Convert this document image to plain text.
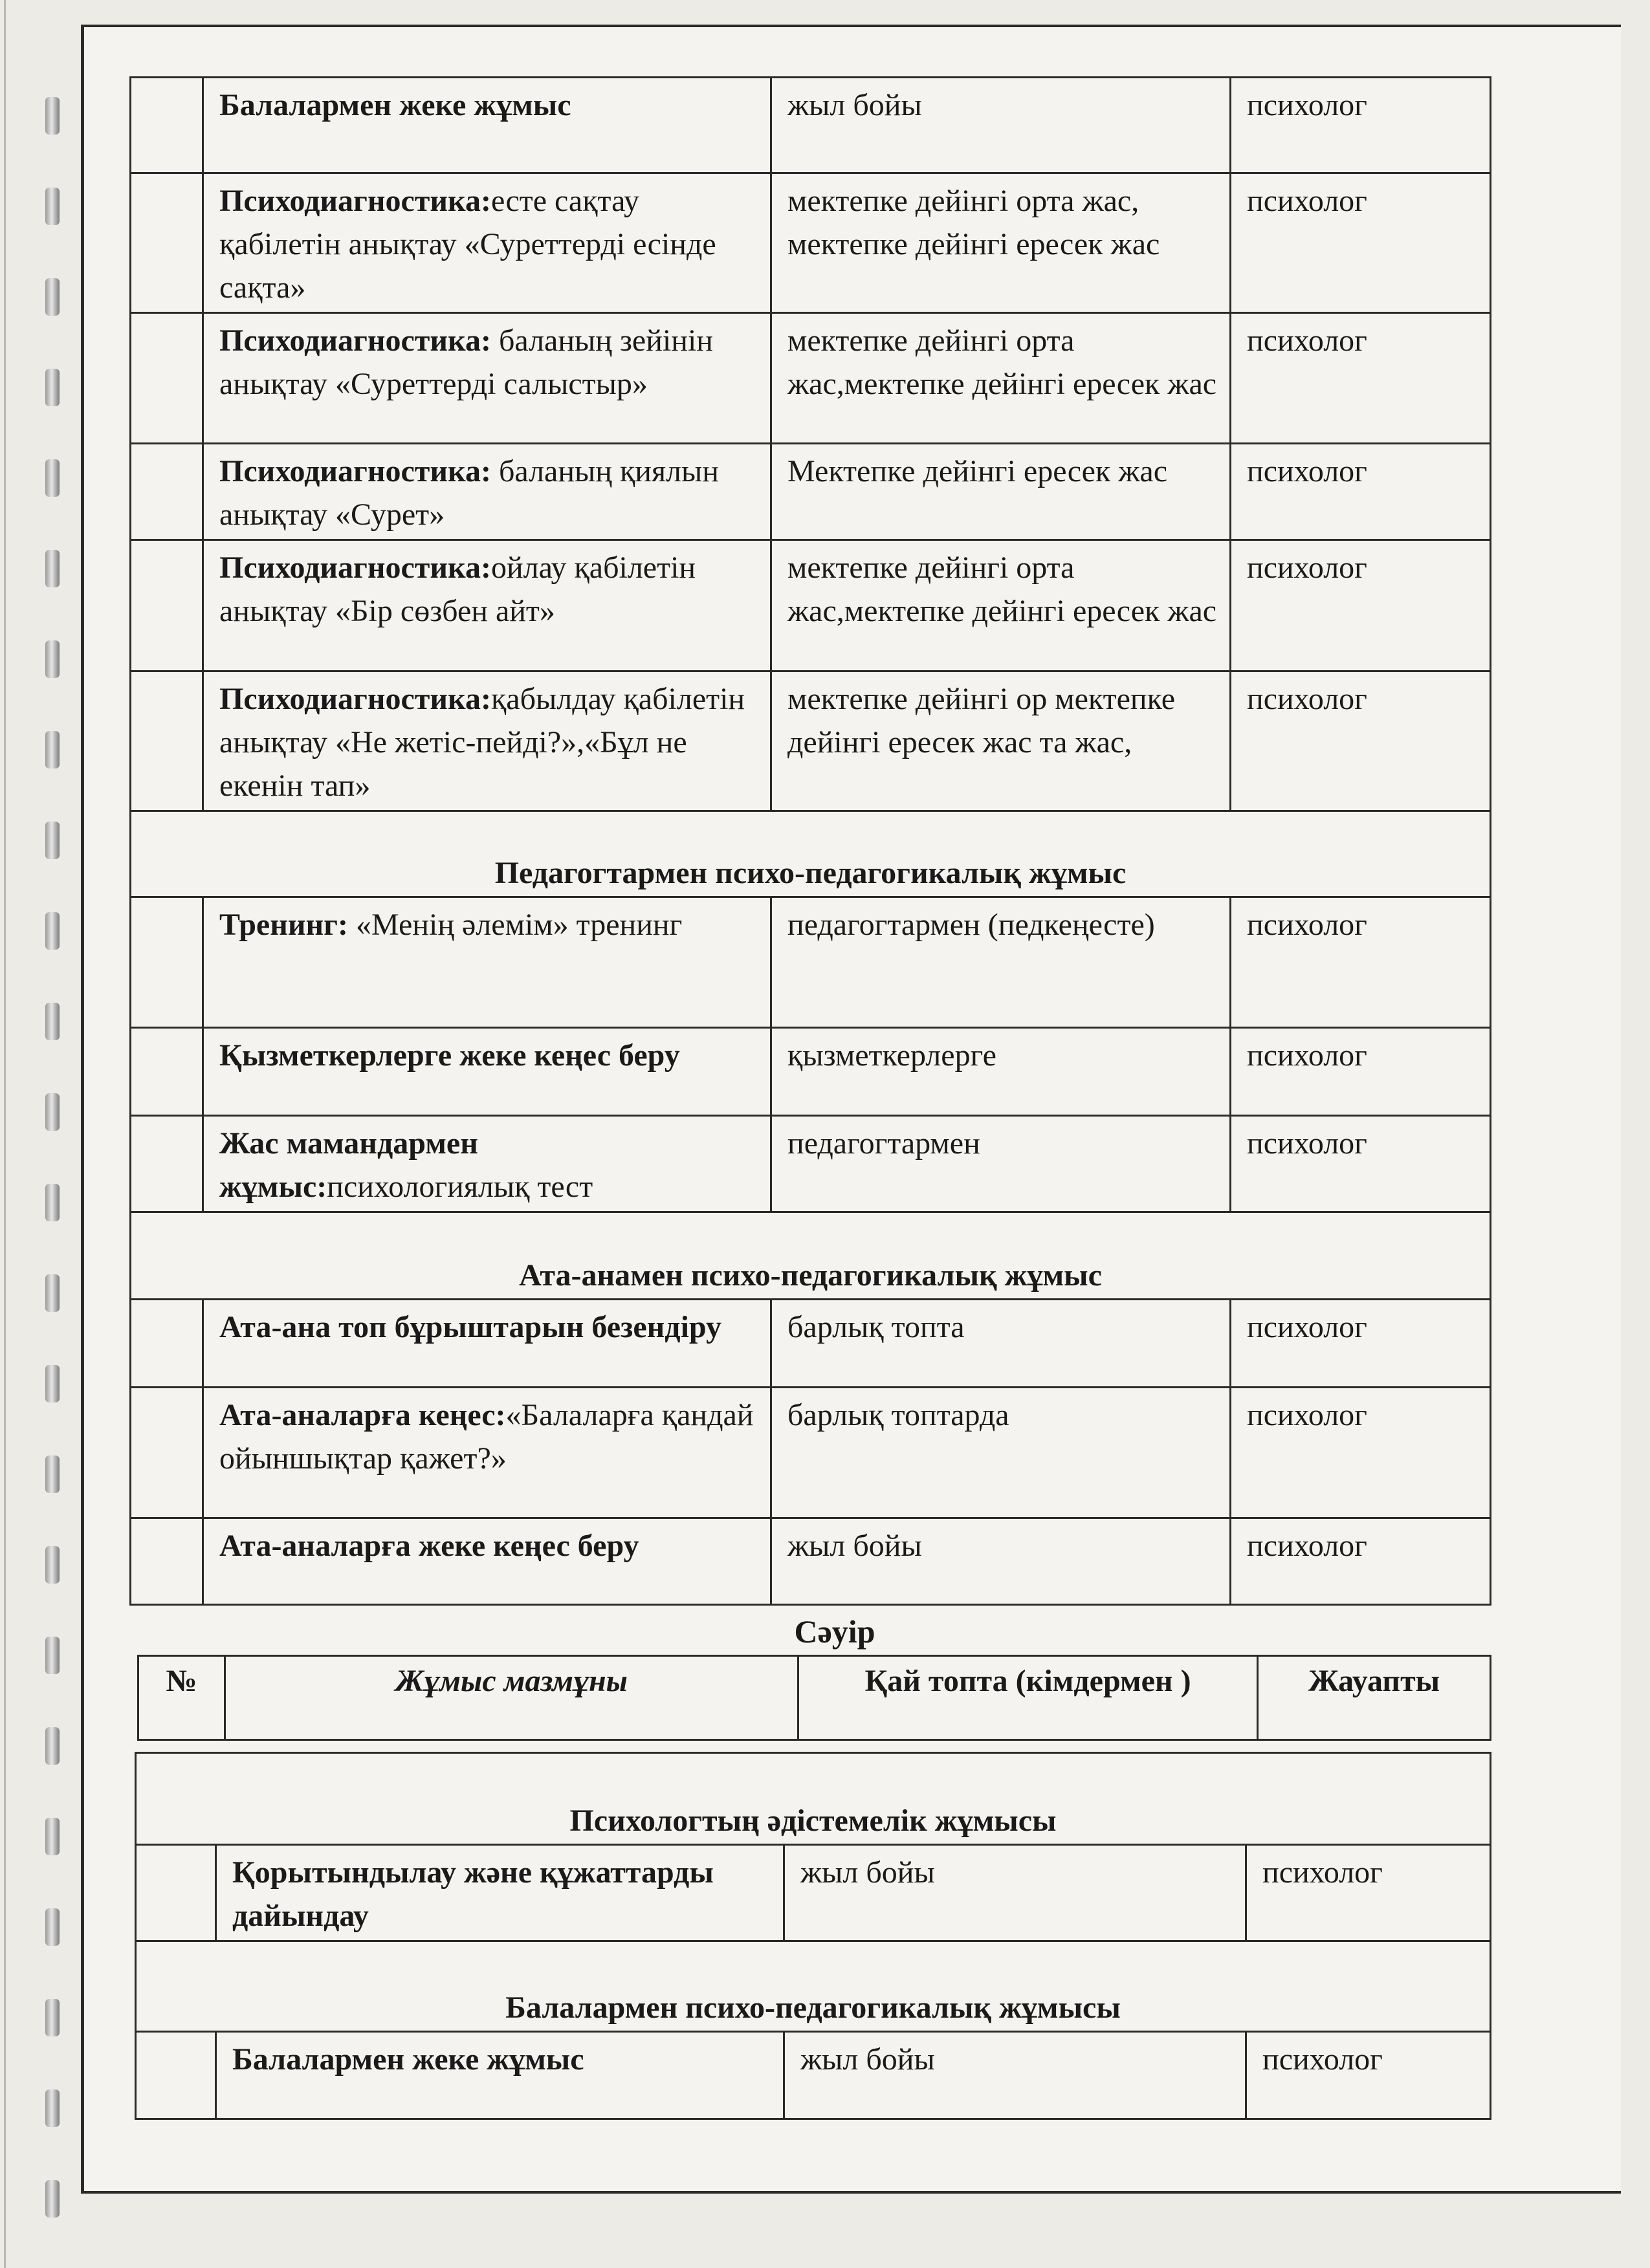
	Балалармен жеке жұмыс	жыл бойы	психолог
	Психодиагностика:есте сақтау қабілетін анықтау «Суреттерді есінде сақта»	мектепке дейінгі орта жас, мектепке дейінгі ересек жас	психолог
	Психодиагностика: баланың зейінін анықтау «Суреттерді салыстыр»	мектепке дейінгі орта жас,мектепке дейінгі ересек жас	психолог
	Психодиагностика: баланың қиялын анықтау «Сурет»	Мектепке дейінгі ересек жас	психолог
	Психодиагностика:ойлау қабілетін анықтау «Бір сөзбен айт»	мектепке дейінгі орта жас,мектепке дейінгі ересек жас	психолог
	Психодиагностика:қабылдау қабілетін анықтау «Не жетіс-пейді?»,«Бұл не екенін тап»	мектепке дейінгі ор мектепке дейінгі ересек жас та жас,	психолог
Педагогтармен психо-педагогикалық жұмыс			
	Тренинг: «Менің әлемім» тренинг	педагогтармен (педкеңесте)	психолог
	Қызметкерлерге жеке кеңес беру	қызметкерлерге	психолог
	Жас мамандармен жұмыс:психологиялық тест	педагогтармен	психолог
Ата-анамен психо-педагогикалық жұмыс			
	Ата-ана топ бұрыштарын безендіру	барлық топта	психолог
	Ата-аналарға кеңес:«Балаларға қандай ойыншықтар қажет?»	барлық топтарда	психолог
	Ата-аналарға жеке кеңес беру	жыл бойы	психолог
Сәуір
№	Жұмыс мазмұны	Қай топта (кімдермен )	Жауапты
Психологтың әдістемелік жұмысы			
	Қорытындылау және құжаттарды дайындау	жыл бойы	психолог
Балалармен психо-педагогикалық жұмысы			
	Балалармен жеке жұмыс	жыл бойы	психолог
